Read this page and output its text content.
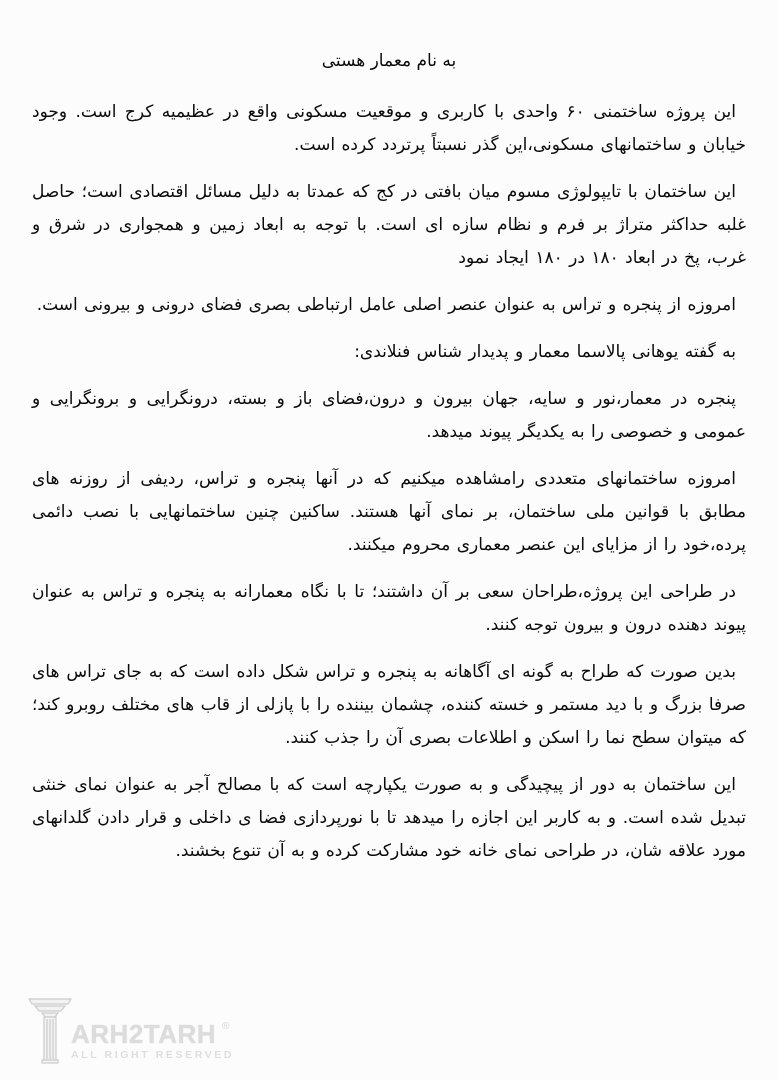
به نام معمار هستی

این پروژه ساختمنی ۶۰ واحدی با کاربری و موقعیت مسکونی واقع در عظیمیه کرج است. وجود خیابان و ساختمانهای مسکونی،این گذر نسبتاً پرتردد کرده است.

این ساختمان با تایپولوژی مسوم میان بافتی در کج که عمدتا به دلیل مسائل اقتصادی است؛ حاصل غلبه حداکثر متراژ بر فرم و نظام سازه ای است. با توجه به ابعاد زمین و همجواری در شرق و غرب، پخ در ابعاد ۱۸۰ در ۱۸۰ ایجاد نمود

امروزه از پنجره و تراس به عنوان عنصر اصلی عامل ارتباطی بصری فضای درونی و بیرونی است.

به گفته یوهانی پالاسما معمار و پدیدار شناس فنلاندی:

پنجره در معمار،نور و سایه، جهان بیرون و درون،فضای باز و بسته، درونگرایی و برونگرایی و عمومی و خصوصی را به یکدیگر پیوند میدهد.

امروزه ساختمانهای متعددی رامشاهده میکنیم که در آنها پنجره و تراس، ردیفی از روزنه های مطابق با قوانین ملی ساختمان، بر نمای آنها هستند. ساکنین چنین ساختمانهایی با نصب دائمی پرده،خود را از مزایای این عنصر معماری محروم میکنند.

در طراحی این پروژه،طراحان سعی بر آن داشتند؛ تا با نگاه معمارانه به پنجره و تراس به عنوان پیوند دهنده درون و بیرون توجه کنند.

بدین صورت که طراح به گونه ای آگاهانه به پنجره و تراس شکل داده است که به جای تراس های صرفا بزرگ و با دید مستمر و خسته کننده، چشمان بیننده را با پازلی از قاب های مختلف روبرو کند؛ که میتوان سطح نما را اسکن و اطلاعات بصری آن را جذب کنند.

این ساختمان به دور از پیچیدگی و به صورت یکپارچه است که با مصالح آجر به عنوان نمای خنثی تبدیل شده است. و به کاربر این اجازه را میدهد تا با نورپردازی فضا ی داخلی و قرار دادن گلدانهای مورد علاقه شان، در طراحی نمای خانه خود مشارکت کرده و به آن تنوع بخشند.

ARH2TARH ®
ALL RIGHT RESERVED
